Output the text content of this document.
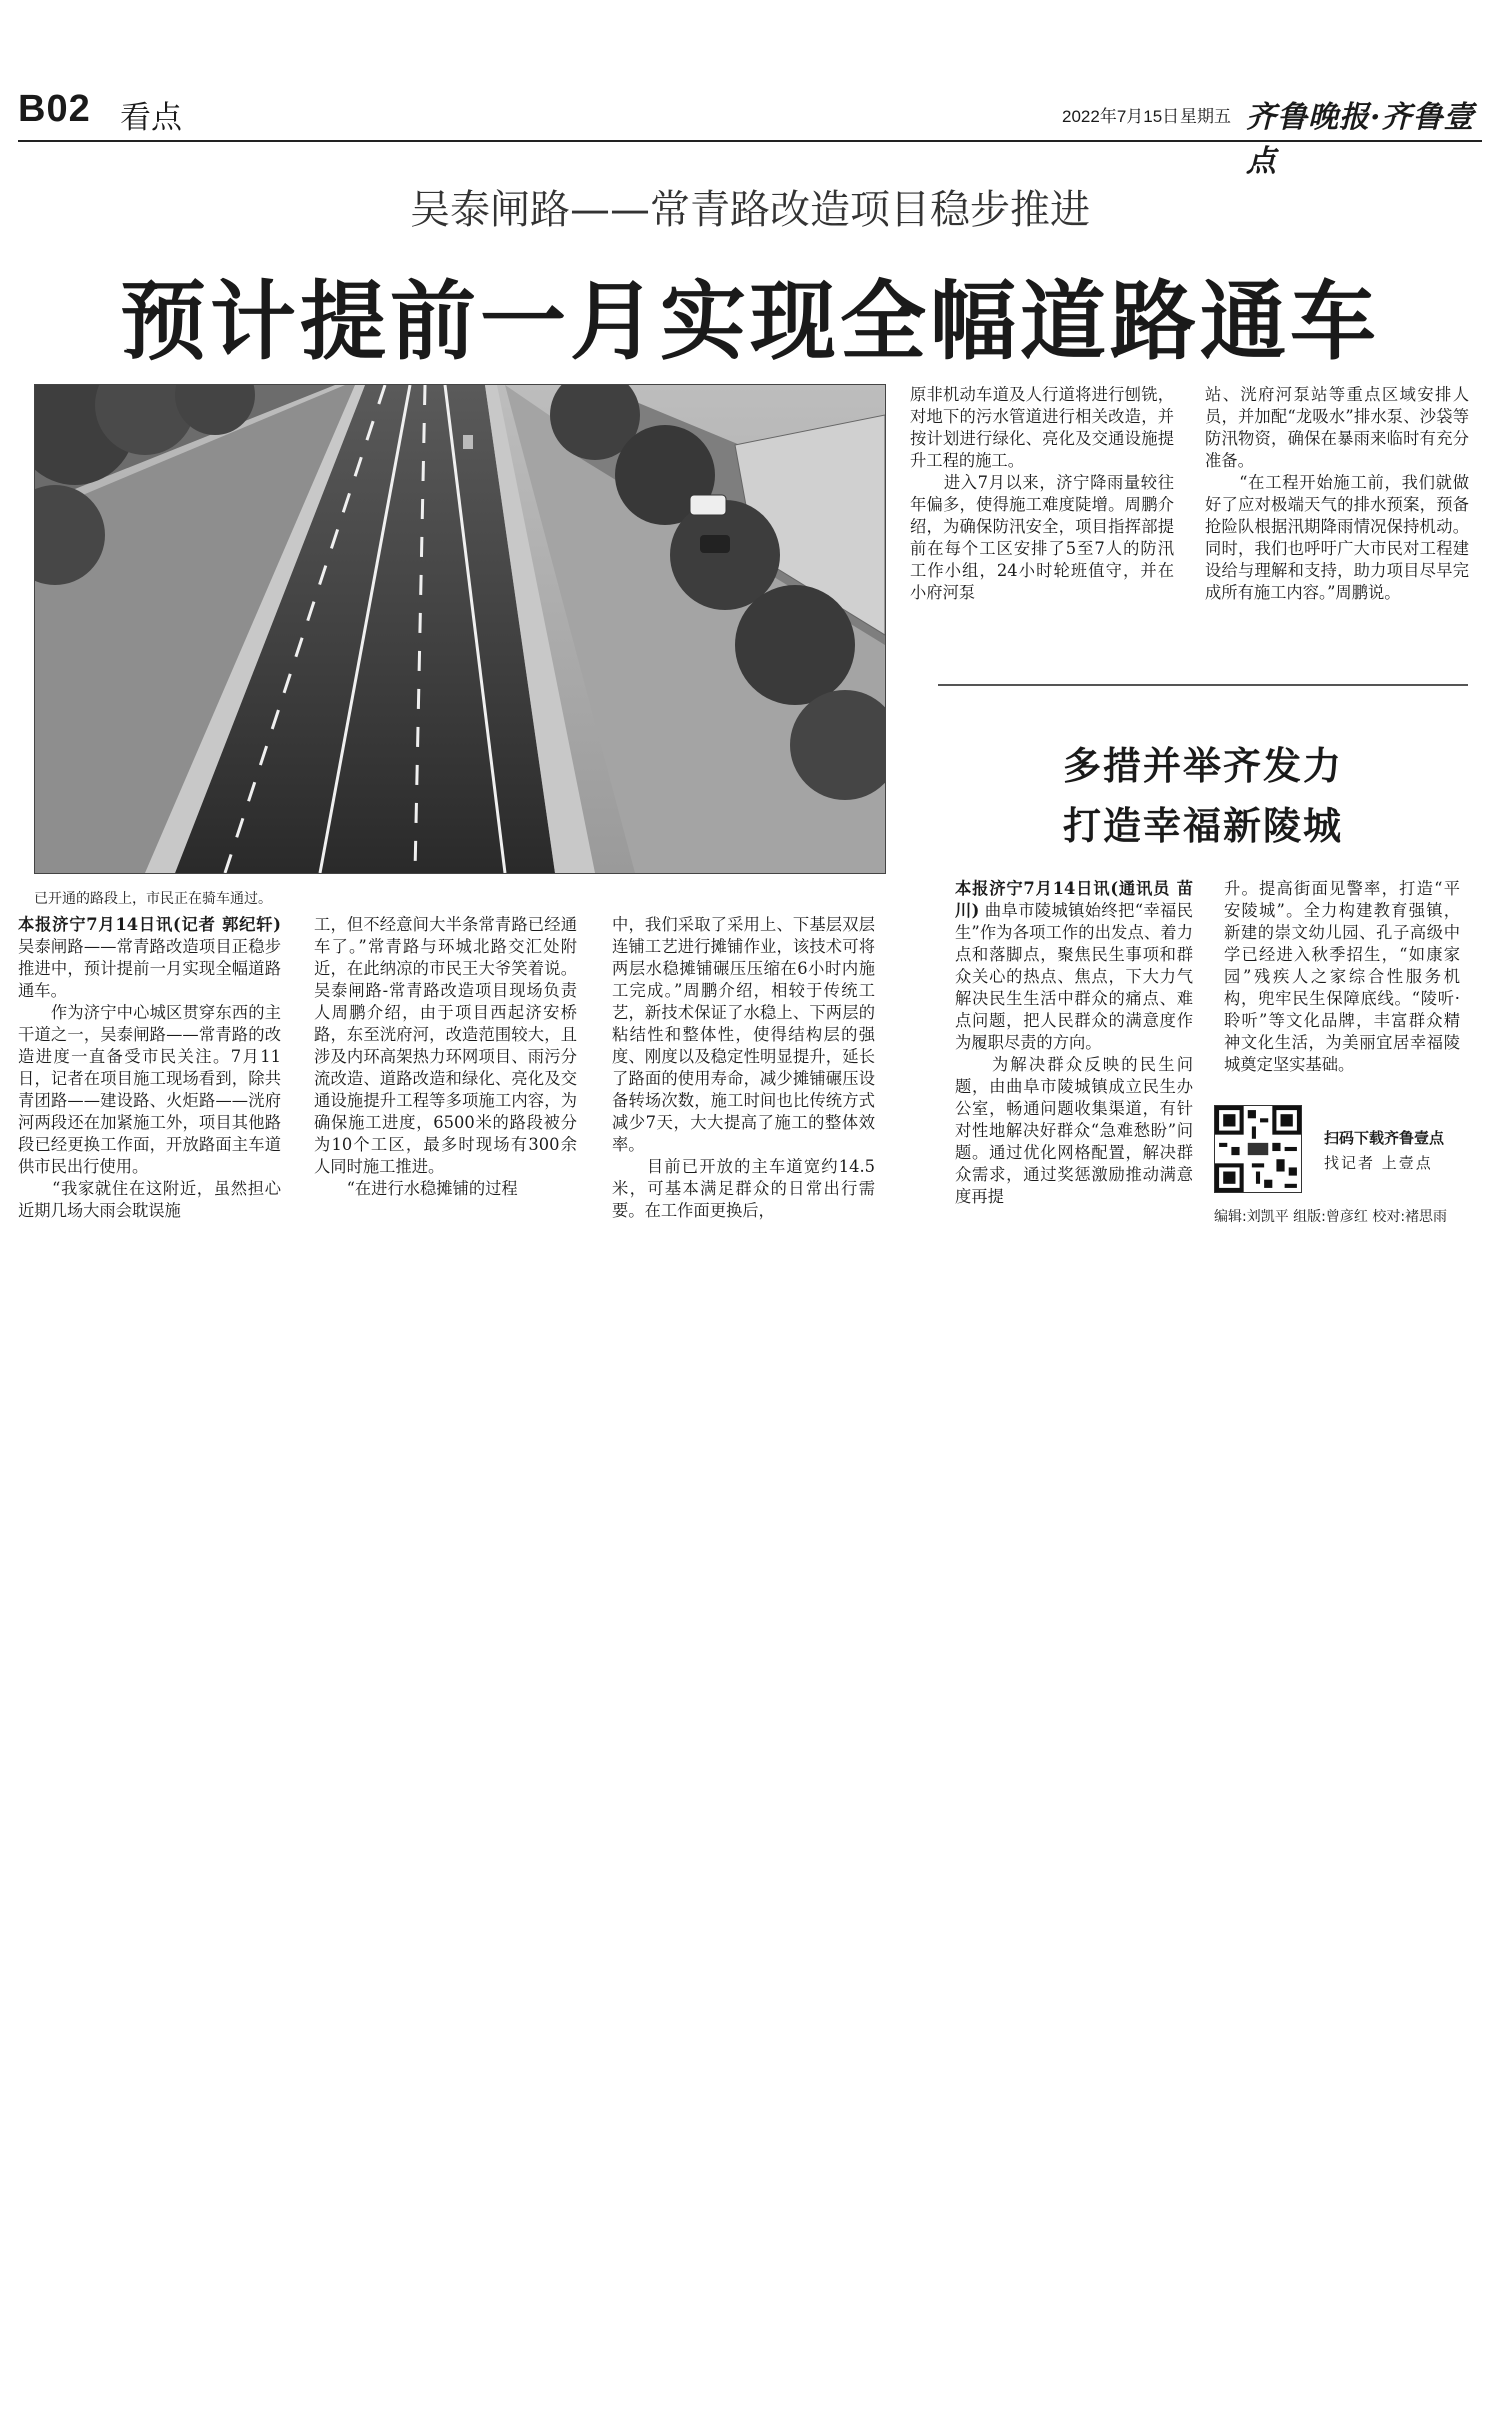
B02 看点	2022年7月15日 星期五 齐鲁晚报·齐鲁壹点
吴泰闸路——常青路改造项目稳步推进
预计提前一月实现全幅道路通车
已开通的路段上，市民正在骑车通过。
本报济宁7月14日讯(记者 郭纪轩) 吴泰闸路——常青路改造项目正稳步推进中，预计提前一月实现全幅道路通车。
　　作为济宁中心城区贯穿东西的主干道之一，吴泰闸路——常青路的改造进度一直备受市民关注。7月11日，记者在项目施工现场看到，除共青团路——建设路、火炬路——洸府河两段还在加紧施工外，项目其他路段已经更换工作面，开放路面主车道供市民出行使用。
　　“我家就住在这附近，虽然担心近期几场大雨会耽误施
工，但不经意间大半条常青路已经通车了。”常青路与环城北路交汇处附近，在此纳凉的市民王大爷笑着说。吴泰闸路-常青路改造项目现场负责人周鹏介绍，由于项目西起济安桥路，东至洸府河，改造范围较大，且涉及内环高架热力环网项目、雨污分流改造、道路改造和绿化、亮化及交通设施提升工程等多项施工内容，为确保施工进度，6500米的路段被分为10个工区，最多时现场有300余人同时施工推进。
　　“在进行水稳摊铺的过程
中，我们采取了采用上、下基层双层连铺工艺进行摊铺作业，该技术可将两层水稳摊铺碾压压缩在6小时内施工完成。”周鹏介绍，相较于传统工艺，新技术保证了水稳上、下两层的粘结性和整体性，使得结构层的强度、刚度以及稳定性明显提升，延长了路面的使用寿命，减少摊铺碾压设备转场次数，施工时间也比传统方式减少7天，大大提高了施工的整体效率。
　　目前已开放的主车道宽约14.5米，可基本满足群众的日常出行需要。在工作面更换后，
原非机动车道及人行道将进行刨铣，对地下的污水管道进行相关改造，并按计划进行绿化、亮化及交通设施提升工程的施工。
　　进入7月以来，济宁降雨量较往年偏多，使得施工难度陡增。周鹏介绍，为确保防汛安全，项目指挥部提前在每个工区安排了5至7人的防汛工作小组，24小时轮班值守，并在小府河泵
站、洸府河泵站等重点区域安排人员，并加配“龙吸水”排水泵、沙袋等防汛物资，确保在暴雨来临时有充分准备。
　　“在工程开始施工前，我们就做好了应对极端天气的排水预案，预备抢险队根据汛期降雨情况保持机动。同时，我们也呼吁广大市民对工程建设给与理解和支持，助力项目尽早完成所有施工内容。”周鹏说。
多措并举齐发力
打造幸福新陵城
本报济宁7月14日讯(通讯员 苗川) 曲阜市陵城镇始终把“幸福民生”作为各项工作的出发点、着力点和落脚点，聚焦民生事项和群众关心的热点、焦点，下大力气解决民生生活中群众的痛点、难点问题，把人民群众的满意度作为履职尽责的方向。
　　为解决群众反映的民生问题，由曲阜市陵城镇成立民生办公室，畅通问题收集渠道，有针对性地解决好群众“急难愁盼”问题。通过优化网格配置，解决群众需求，通过奖惩激励推动满意度再提
升。提高街面见警率，打造“平安陵城”。全力构建教育强镇，新建的崇文幼儿园、孔子高级中学已经进入秋季招生，“如康家园”残疾人之家综合性服务机构，兜牢民生保障底线。“陵听·聆听”等文化品牌，丰富群众精神文化生活，为美丽宜居幸福陵城奠定坚实基础。
扫码下载齐鲁壹点
找记者 上壹点
编辑:刘凯平 组版:曾彦红 校对:褚思雨
